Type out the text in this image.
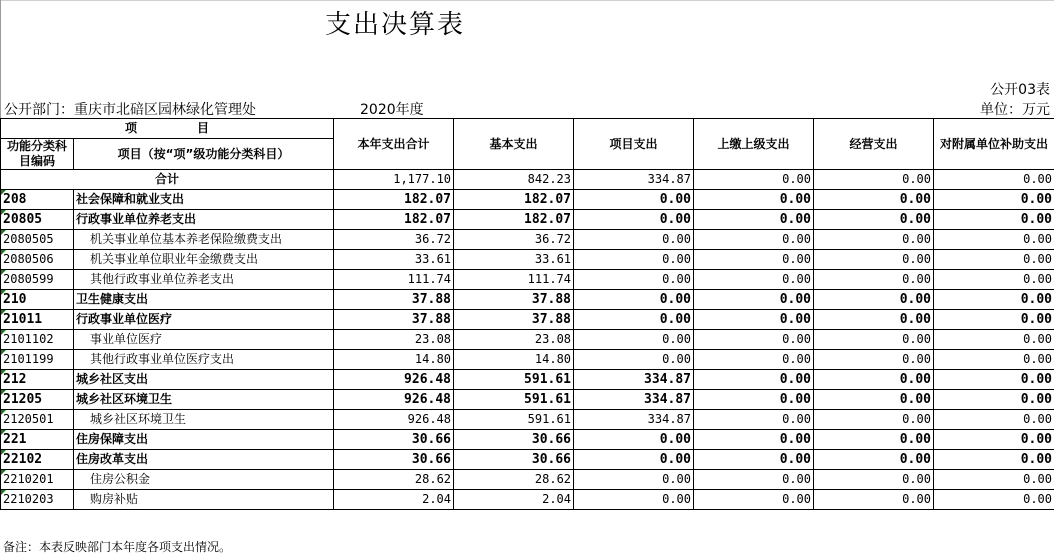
支出决算表
公开03表
公开部门：重庆市北碚区园林绿化管理处	2020年度	单位：万元
项　　　　　目		本年支出合计	基本支出	项目支出	上缴上级支出	经营支出	对附属单位补助支出
功能分类科目编码	项目（按“项”级功能分类科目）						

合计		1,177.10	842.23	334.87	0.00	0.00	0.00

208	社会保障和就业支出	182.07	182.07	0.00	0.00	0.00	0.00

20805	行政事业单位养老支出	182.07	182.07	0.00	0.00	0.00	0.00

2080505	机关事业单位基本养老保险缴费支出	36.72	36.72	0.00	0.00	0.00	0.00

2080506	机关事业单位职业年金缴费支出	33.61	33.61	0.00	0.00	0.00	0.00

2080599	其他行政事业单位养老支出	111.74	111.74	0.00	0.00	0.00	0.00

210	卫生健康支出	37.88	37.88	0.00	0.00	0.00	0.00

21011	行政事业单位医疗	37.88	37.88	0.00	0.00	0.00	0.00

2101102	事业单位医疗	23.08	23.08	0.00	0.00	0.00	0.00

2101199	其他行政事业单位医疗支出	14.80	14.80	0.00	0.00	0.00	0.00

212	城乡社区支出	926.48	591.61	334.87	0.00	0.00	0.00

21205	城乡社区环境卫生	926.48	591.61	334.87	0.00	0.00	0.00

2120501	城乡社区环境卫生	926.48	591.61	334.87	0.00	0.00	0.00

221	住房保障支出	30.66	30.66	0.00	0.00	0.00	0.00

22102	住房改革支出	30.66	30.66	0.00	0.00	0.00	0.00

2210201	住房公积金	28.62	28.62	0.00	0.00	0.00	0.00

2210203	购房补贴	2.04	2.04	0.00	0.00	0.00	0.00
备注：本表反映部门本年度各项支出情况。
